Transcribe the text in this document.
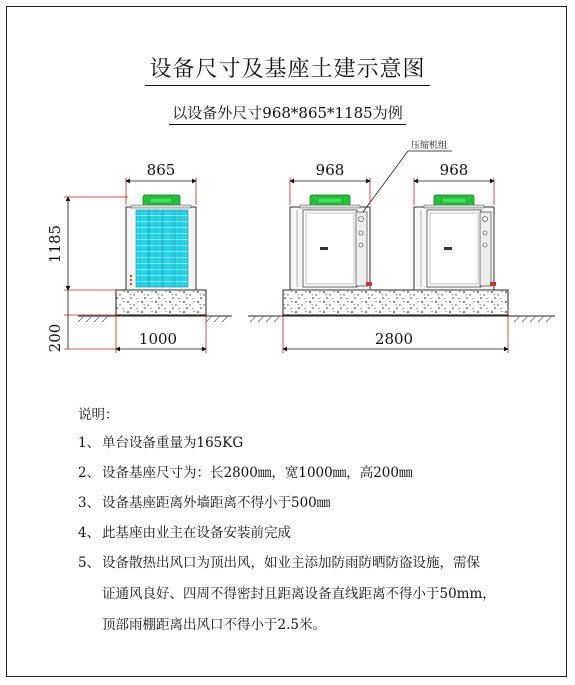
设备尺寸及基座土建示意图
以设备外尺寸968*865*1185为例
865
1185
200	1000
压缩机组
968	968
2800
说明：
1、 单台设备重量为165KG
2、 设备基座尺寸为：长2800㎜，宽1000㎜，高200㎜
3、 设备基座距离外墙距离不得小于500㎜
4、 此基座由业主在设备安装前完成
5、 设备散热出风口为顶出风，如业主添加防雨防晒防盗设施，需保
证通风良好、四周不得密封且距离设备直线距离不得小于50mm，
顶部雨棚距离出风口不得小于2.5米。
